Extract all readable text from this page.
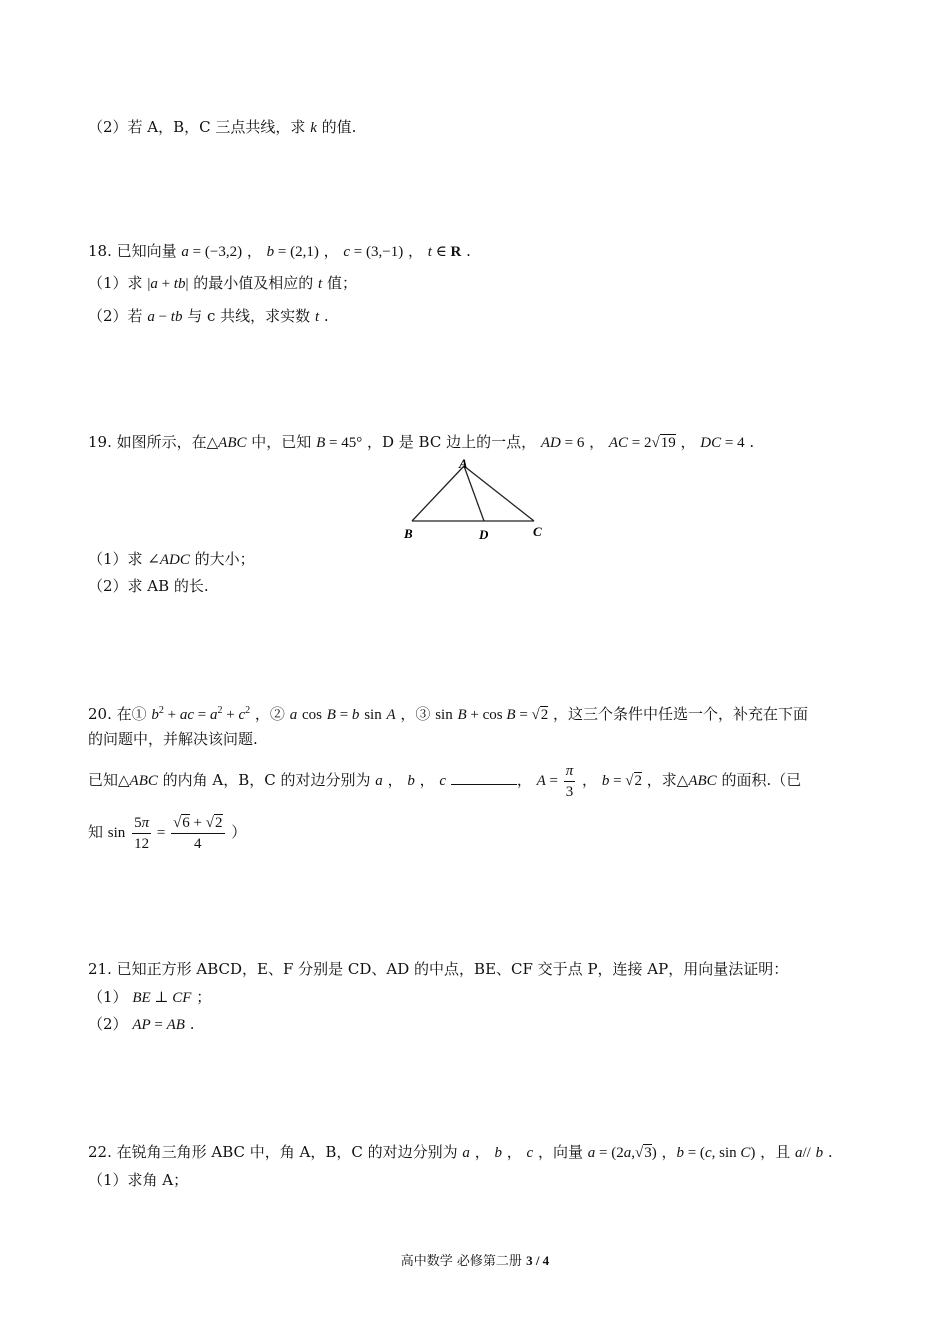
（2）若 A，B，C 三点共线，求 k 的值.
18. 已知向量 a = (−3,2) ， b = (2,1) ， c = (3,−1) ， t ∈ R .
（1）求 |a + tb| 的最小值及相应的 t 值；
（2）若 a − tb 与 c 共线，求实数 t .
19. 如图所示，在△ABC 中，已知 B = 45° ，D 是 BC 边上的一点， AD = 6 ， AC = 2√19 ， DC = 4 .
A
B	D	C
（1）求 ∠ADC 的大小；
（2）求 AB 的长.
20. 在① $b^2$ + ac = $a^2 + c^2$ ，② a cos B = b sin A ，③ sin B + cos B = √2 ，这三个条件中任选一个，补充在下面
的问题中，并解决该问题.
已知△ABC 的内角 A，B，C 的对边分别为 a ， b ， c	， $A = \frac{\pi}{3}$ ， b = √2 ，求△ABC 的面积.（已
知 $\sin \frac{5\pi}{12} = \frac{√6 + √2}{4}$ ）
21. 已知正方形 ABCD，E、F 分别是 CD、AD 的中点，BE、CF 交于点 P，连接 AP，用向量法证明：
（1） BE ⊥ CF ；
（2） AP = AB .
22. 在锐角三角形 ABC 中，角 A，B，C 的对边分别为 a ， b ， c ，向量 a = (2a,√3) ，b = (c, sin C) ，且 a// b .
（1）求角 A；
高中数学 必修第二册 3 / 4
